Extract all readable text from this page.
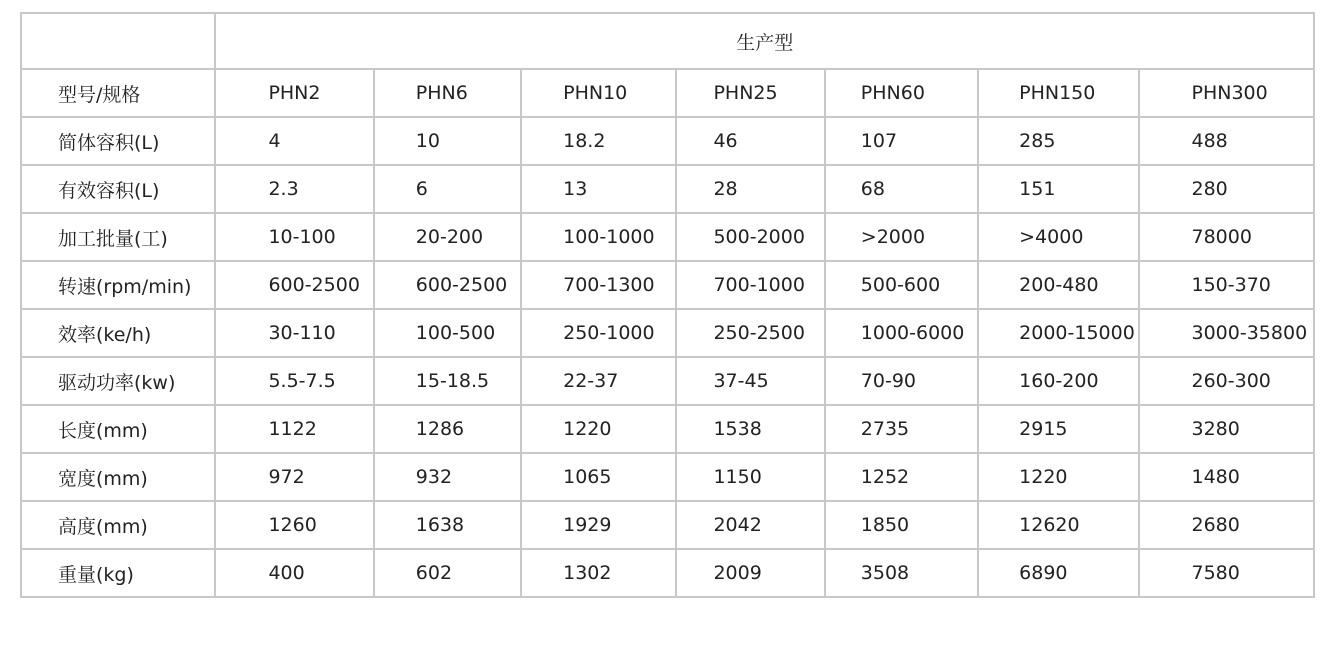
	生产型						
型号/规格	PHN2	PHN6	PHN10	PHN25	PHN60	PHN150	PHN300
简体容积(L)	4	10	18.2	46	107	285	488
有效容积(L)	2.3	6	13	28	68	151	280
加工批量(工)	10-100	20-200	100-1000	500-2000	>2000	>4000	78000
转速(rpm/min)	600-2500	600-2500	700-1300	700-1000	500-600	200-480	150-370
效率(ke/h)	30-110	100-500	250-1000	250-2500	1000-6000	2000-15000	3000-35800
驱动功率(kw)	5.5-7.5	15-18.5	22-37	37-45	70-90	160-200	260-300
长度(mm)	1122	1286	1220	1538	2735	2915	3280
宽度(mm)	972	932	1065	1150	1252	1220	1480
高度(mm)	1260	1638	1929	2042	1850	12620	2680
重量(kg)	400	602	1302	2009	3508	6890	7580
